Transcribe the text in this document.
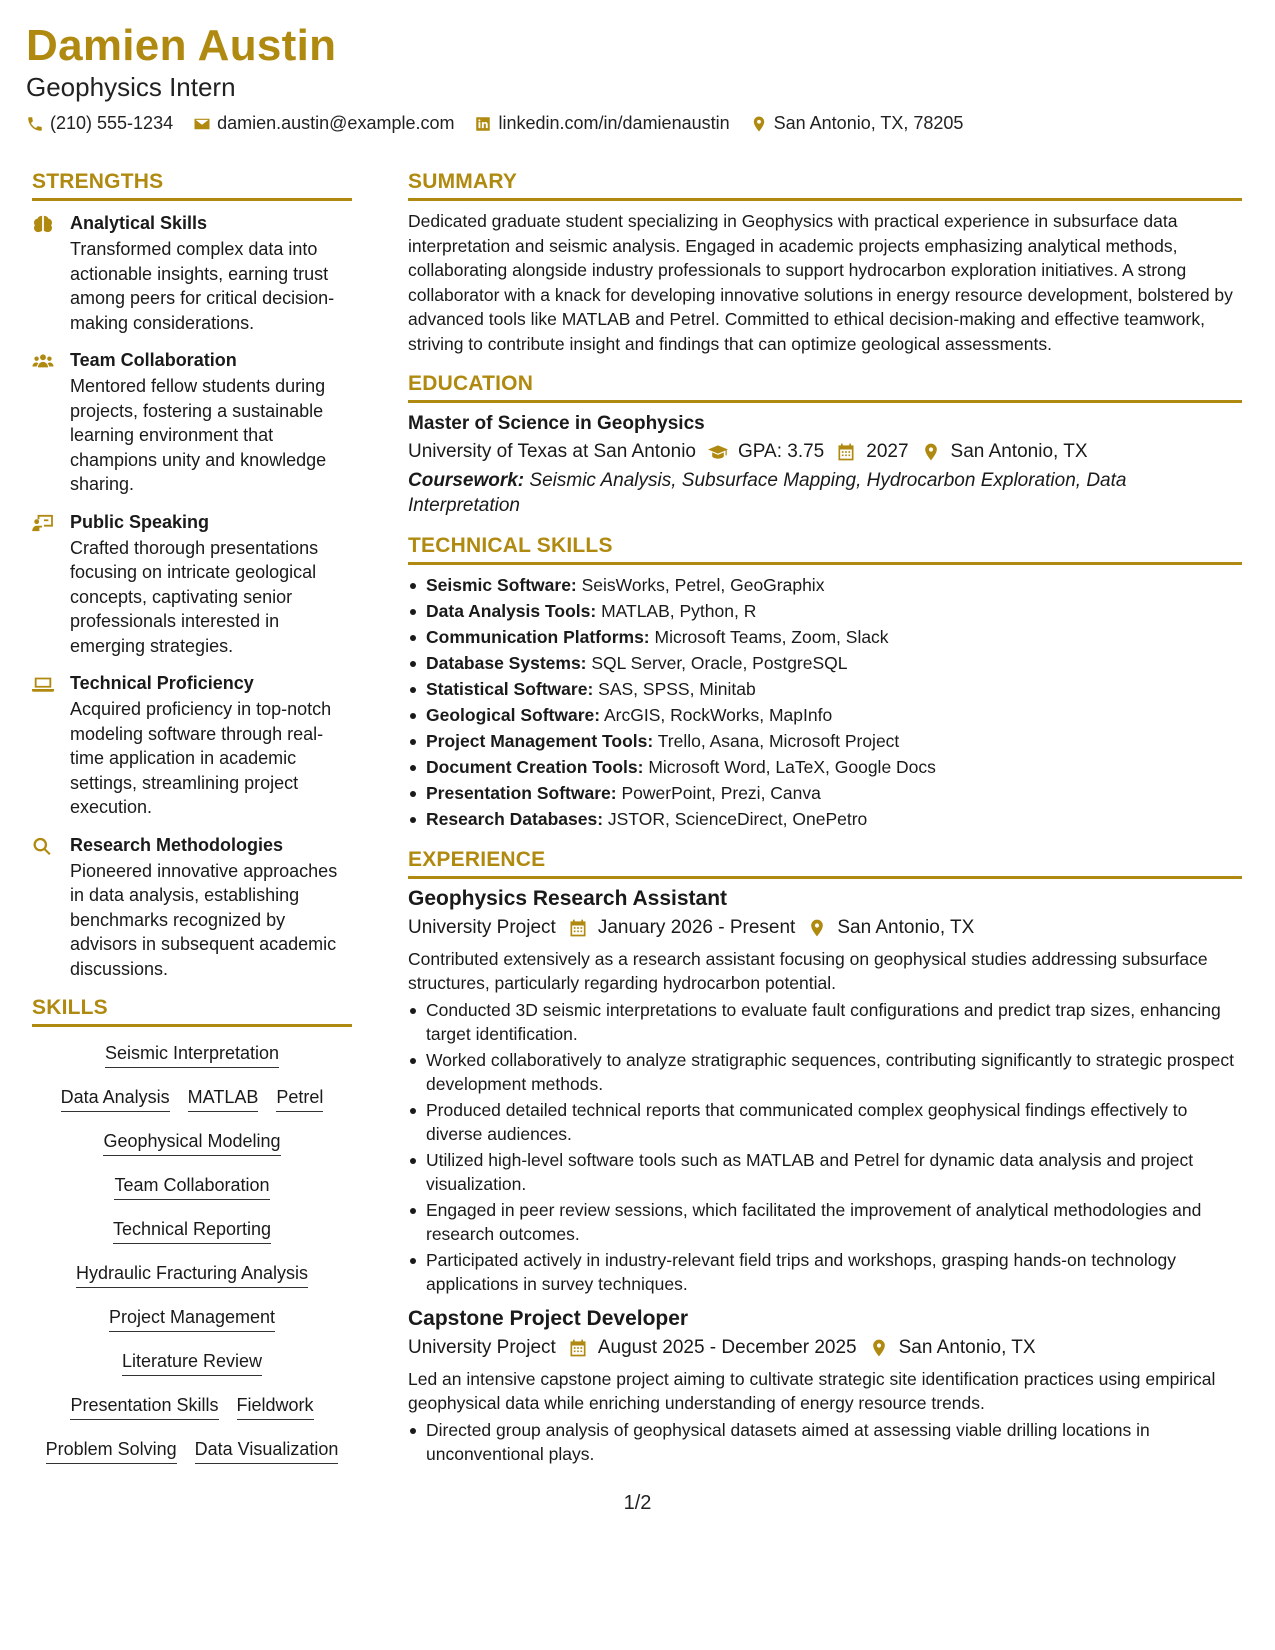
Damien Austin
Geophysics Intern
(210) 555-1234 damien.austin@example.com linkedin.com/in/damienaustin San Antonio, TX, 78205
STRENGTHS
Analytical Skills
Transformed complex data into actionable insights, earning trust among peers for critical decision-making considerations.
Team Collaboration
Mentored fellow students during projects, fostering a sustainable learning environment that champions unity and knowledge sharing.
Public Speaking
Crafted thorough presentations focusing on intricate geological concepts, captivating senior professionals interested in emerging strategies.
Technical Proficiency
Acquired proficiency in top-notch modeling software through real-time application in academic settings, streamlining project execution.
Research Methodologies
Pioneered innovative approaches in data analysis, establishing benchmarks recognized by advisors in subsequent academic discussions.
SKILLS
Seismic Interpretation
Data Analysis MATLAB Petrel
Geophysical Modeling
Team Collaboration
Technical Reporting
Hydraulic Fracturing Analysis
Project Management
Literature Review
Presentation Skills Fieldwork
Problem Solving Data Visualization
SUMMARY
Dedicated graduate student specializing in Geophysics with practical experience in subsurface data interpretation and seismic analysis. Engaged in academic projects emphasizing analytical methods, collaborating alongside industry professionals to support hydrocarbon exploration initiatives. A strong collaborator with a knack for developing innovative solutions in energy resource development, bolstered by advanced tools like MATLAB and Petrel. Committed to ethical decision-making and effective teamwork, striving to contribute insight and findings that can optimize geological assessments.
EDUCATION
Master of Science in Geophysics
University of Texas at San Antonio GPA: 3.75 2027 San Antonio, TX
Coursework: Seismic Analysis, Subsurface Mapping, Hydrocarbon Exploration, Data Interpretation
TECHNICAL SKILLS
Seismic Software: SeisWorks, Petrel, GeoGraphix
Data Analysis Tools: MATLAB, Python, R
Communication Platforms: Microsoft Teams, Zoom, Slack
Database Systems: SQL Server, Oracle, PostgreSQL
Statistical Software: SAS, SPSS, Minitab
Geological Software: ArcGIS, RockWorks, MapInfo
Project Management Tools: Trello, Asana, Microsoft Project
Document Creation Tools: Microsoft Word, LaTeX, Google Docs
Presentation Software: PowerPoint, Prezi, Canva
Research Databases: JSTOR, ScienceDirect, OnePetro
EXPERIENCE
Geophysics Research Assistant
University Project January 2026 - Present San Antonio, TX
Contributed extensively as a research assistant focusing on geophysical studies addressing subsurface structures, particularly regarding hydrocarbon potential.
Conducted 3D seismic interpretations to evaluate fault configurations and predict trap sizes, enhancing target identification.
Worked collaboratively to analyze stratigraphic sequences, contributing significantly to strategic prospect development methods.
Produced detailed technical reports that communicated complex geophysical findings effectively to diverse audiences.
Utilized high-level software tools such as MATLAB and Petrel for dynamic data analysis and project visualization.
Engaged in peer review sessions, which facilitated the improvement of analytical methodologies and research outcomes.
Participated actively in industry-relevant field trips and workshops, grasping hands-on technology applications in survey techniques.
Capstone Project Developer
University Project August 2025 - December 2025 San Antonio, TX
Led an intensive capstone project aiming to cultivate strategic site identification practices using empirical geophysical data while enriching understanding of energy resource trends.
Directed group analysis of geophysical datasets aimed at assessing viable drilling locations in unconventional plays.
1/2
